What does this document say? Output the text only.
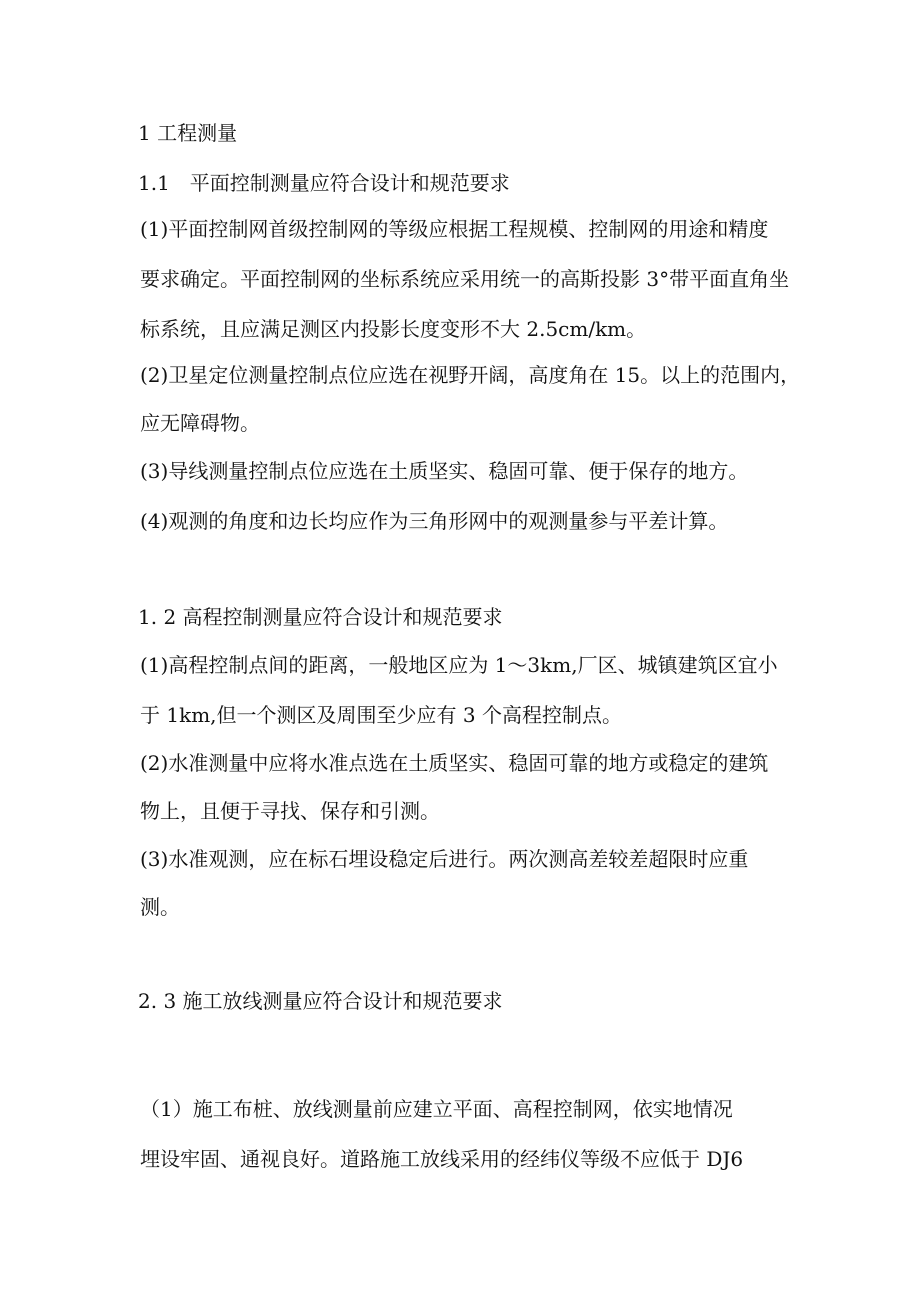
1 工程测量
1.1　平面控制测量应符合设计和规范要求
(1)平面控制网首级控制网的等级应根据工程规模、控制网的用途和精度
要求确定。平面控制网的坐标系统应采用统一的高斯投影 3°带平面直角坐
标系统，且应满足测区内投影长度变形不大 2.5cm/km。
(2)卫星定位测量控制点位应选在视野开阔，高度角在 15。以上的范围内，
应无障碍物。
(3)导线测量控制点位应选在土质坚实、稳固可靠、便于保存的地方。
(4)观测的角度和边长均应作为三角形网中的观测量参与平差计算。
1. 2 高程控制测量应符合设计和规范要求
(1)高程控制点间的距离，一般地区应为 1～3km,厂区、城镇建筑区宜小
于 1km,但一个测区及周围至少应有 3 个高程控制点。
(2)水准测量中应将水准点选在土质坚实、稳固可靠的地方或稳定的建筑
物上，且便于寻找、保存和引测。
(3)水准观测，应在标石埋设稳定后进行。两次测高差较差超限时应重
测。
2. 3 施工放线测量应符合设计和规范要求
（1）施工布桩、放线测量前应建立平面、高程控制网，依实地情况
埋设牢固、通视良好。道路施工放线采用的经纬仪等级不应低于 DJ6
